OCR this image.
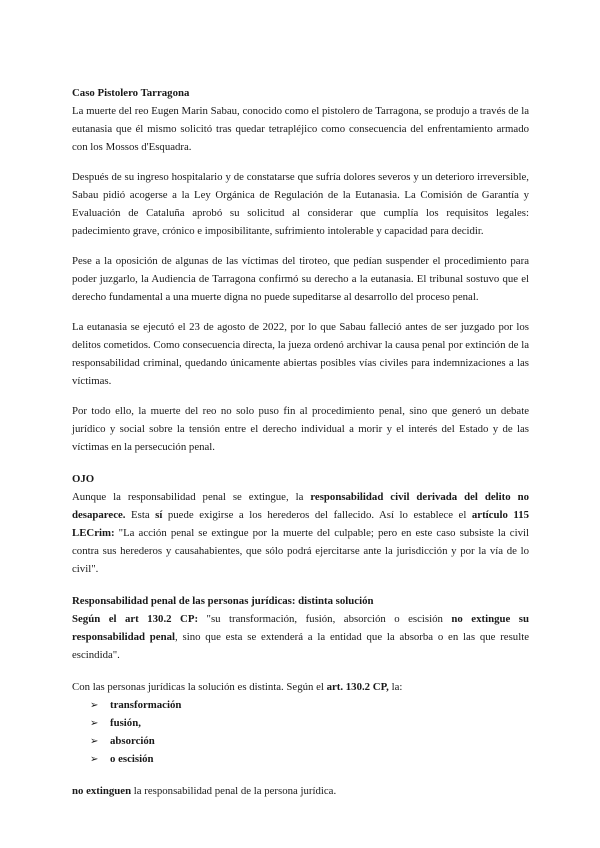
Caso Pistolero Tarragona

La muerte del reo Eugen Marin Sabau, conocido como el pistolero de Tarragona, se produjo a través de la eutanasia que él mismo solicitó tras quedar tetrapléjico como consecuencia del enfrentamiento armado con los Mossos d'Esquadra.

Después de su ingreso hospitalario y de constatarse que sufría dolores severos y un deterioro irreversible, Sabau pidió acogerse a la Ley Orgánica de Regulación de la Eutanasia. La Comisión de Garantía y Evaluación de Cataluña aprobó su solicitud al considerar que cumplía los requisitos legales: padecimiento grave, crónico e imposibilitante, sufrimiento intolerable y capacidad para decidir.

Pese a la oposición de algunas de las víctimas del tiroteo, que pedían suspender el procedimiento para poder juzgarlo, la Audiencia de Tarragona confirmó su derecho a la eutanasia. El tribunal sostuvo que el derecho fundamental a una muerte digna no puede supeditarse al desarrollo del proceso penal.

La eutanasia se ejecutó el 23 de agosto de 2022, por lo que Sabau falleció antes de ser juzgado por los delitos cometidos. Como consecuencia directa, la jueza ordenó archivar la causa penal por extinción de la responsabilidad criminal, quedando únicamente abiertas posibles vías civiles para indemnizaciones a las víctimas.

Por todo ello, la muerte del reo no solo puso fin al procedimiento penal, sino que generó un debate jurídico y social sobre la tensión entre el derecho individual a morir y el interés del Estado y de las víctimas en la persecución penal.

OJO

Aunque la responsabilidad penal se extingue, la responsabilidad civil derivada del delito no desaparece. Esta sí puede exigirse a los herederos del fallecido. Así lo establece el artículo 115 LECrim: "La acción penal se extingue por la muerte del culpable; pero en este caso subsiste la civil contra sus herederos y causahabientes, que sólo podrá ejercitarse ante la jurisdicción y por la vía de lo civil".

Responsabilidad penal de las personas jurídicas: distinta solución

Según el art 130.2 CP: "su transformación, fusión, absorción o escisión no extingue su responsabilidad penal, sino que esta se extenderá a la entidad que la absorba o en las que resulte escindida".

Con las personas jurídicas la solución es distinta. Según el art. 130.2 CP, la:

➢	transformación
➢	fusión,
➢	absorción
➢	o escisión

no extinguen la responsabilidad penal de la persona jurídica.
